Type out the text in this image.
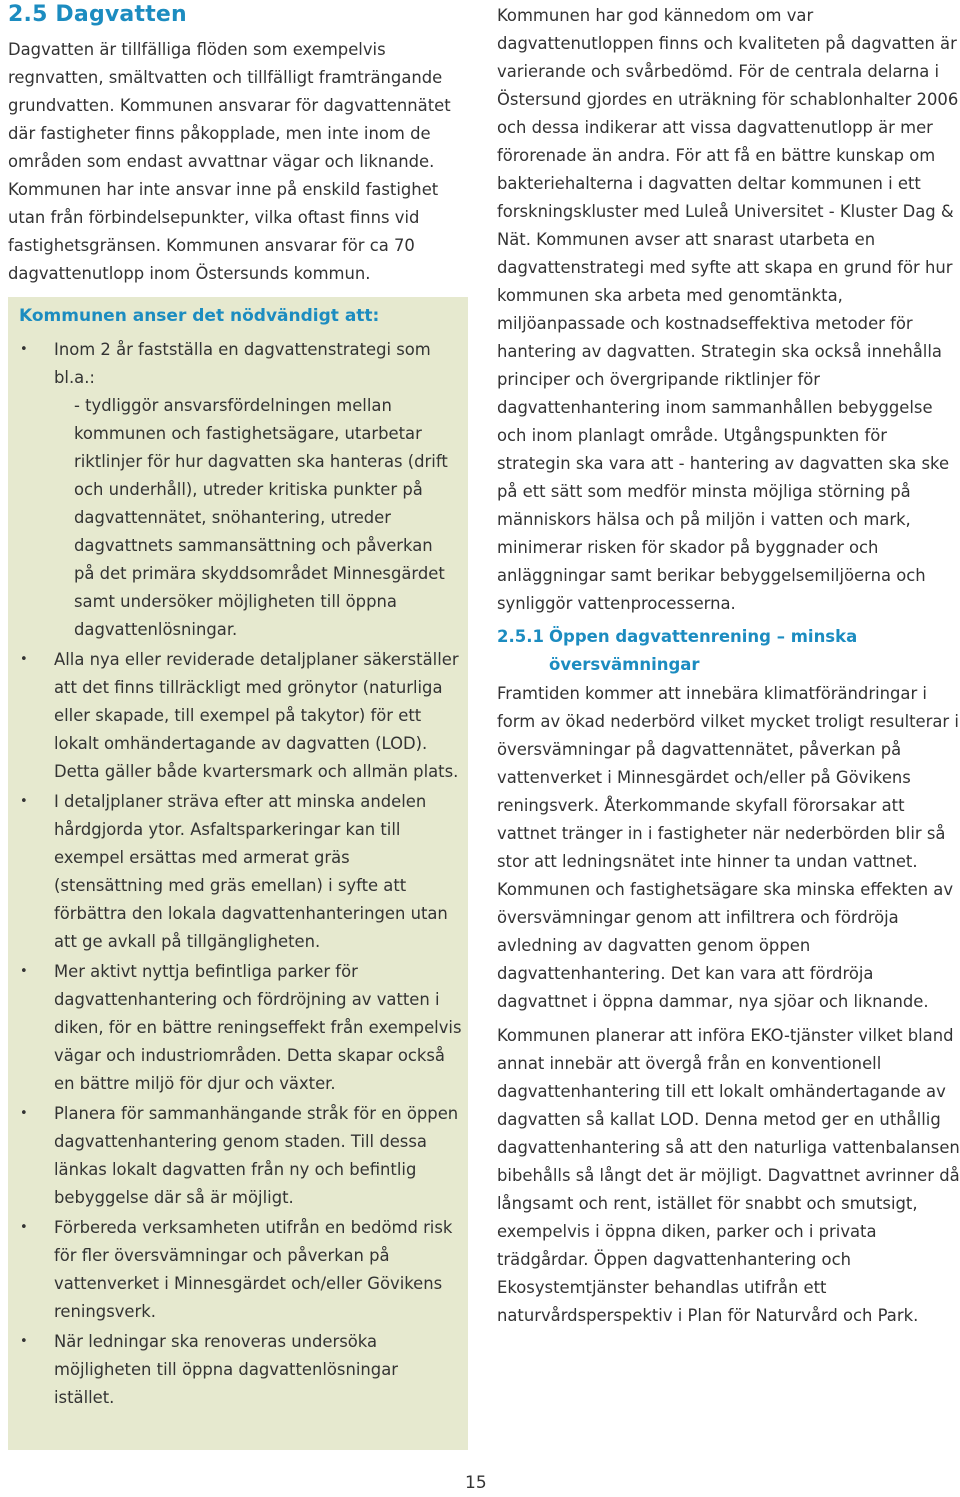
2.5 Dagvatten

Dagvatten är tillfälliga flöden som exempelvis regnvatten, smältvatten och tillfälligt framträngande grundvatten. Kommunen ansvarar för dagvattennätet där fastigheter finns påkopplade, men inte inom de områden som endast avvattnar vägar och liknande. Kommunen har inte ansvar inne på enskild fastighet utan från förbindelsepunkter, vilka oftast finns vid fastighetsgränsen. Kommunen ansvarar för ca 70 dagvattenutlopp inom Östersunds kommun.

Kommunen anser det nödvändigt att:

• Inom 2 år fastställa en dagvattenstrategi som bl.a.:

- tydliggör ansvarsfördelningen mellan kommunen och fastighetsägare, utarbetar riktlinjer för hur dagvatten ska hanteras (drift och underhåll), utreder kritiska punkter på dagvattennätet, snöhantering, utreder dagvattnets sammansättning och påverkan på det primära skyddsområdet Minnesgärdet samt undersöker möjligheten till öppna dagvattenlösningar.
• Alla nya eller reviderade detaljplaner säkerställer att det finns tillräckligt med grönytor (naturliga eller skapade, till exempel på takytor) för ett lokalt omhändertagande av dagvatten (LOD). Detta gäller både kvartersmark och allmän plats.

• I detaljplaner sträva efter att minska andelen hårdgjorda ytor. Asfaltsparkeringar kan till exempel ersättas med armerat gräs (stensättning med gräs emellan) i syfte att förbättra den lokala dagvattenhanteringen utan att ge avkall på tillgängligheten.

• Mer aktivt nyttja befintliga parker för dagvattenhantering och fördröjning av vatten i diken, för en bättre reningseffekt från exempelvis vägar och industriområden. Detta skapar också en bättre miljö för djur och växter.

• Planera för sammanhängande stråk för en öppen dagvattenhantering genom staden. Till dessa länkas lokalt dagvatten från ny och befintlig bebyggelse där så är möjligt.

• Förbereda verksamheten utifrån en bedömd risk för fler översvämningar och påverkan på vattenverket i Minnesgärdet och/eller Gövikens reningsverk.

• När ledningar ska renoveras undersöka möjligheten till öppna dagvattenlösningar istället.

Kommunen har god kännedom om var dagvattenutloppen finns och kvaliteten på dagvatten är varierande och svårbedömd. För de centrala delarna i Östersund gjordes en uträkning för schablonhalter 2006 och dessa indikerar att vissa dagvattenutlopp är mer förorenade än andra. För att få en bättre kunskap om bakteriehalterna i dagvatten deltar kommunen i ett forskningskluster med Luleå Universitet - Kluster Dag & Nät. Kommunen avser att snarast utarbeta en dagvattenstrategi med syfte att skapa en grund för hur kommunen ska arbeta med genomtänkta, miljöanpassade och kostnadseffektiva metoder för hantering av dagvatten. Strategin ska också innehålla principer och övergripande riktlinjer för dagvattenhantering inom sammanhållen bebyggelse och inom planlagt område. Utgångspunkten för strategin ska vara att - hantering av dagvatten ska ske på ett sätt som medför minsta möjliga störning på människors hälsa och på miljön i vatten och mark, minimerar risken för skador på byggnader och anläggningar samt berikar bebyggelsemiljöerna och synliggör vattenprocesserna.

2.5.1 Öppen dagvattenrening – minska
översvämningar

Framtiden kommer att innebära klimatförändringar i form av ökad nederbörd vilket mycket troligt resulterar i översvämningar på dagvattennätet, påverkan på vattenverket i Minnesgärdet och/eller på Gövikens reningsverk. Återkommande skyfall förorsakar att vattnet tränger in i fastigheter när nederbörden blir så stor att ledningsnätet inte hinner ta undan vattnet. Kommunen och fastighetsägare ska minska effekten av översvämningar genom att infiltrera och fördröja avledning av dagvatten genom öppen dagvattenhantering. Det kan vara att fördröja dagvattnet i öppna dammar, nya sjöar och liknande.

Kommunen planerar att införa EKO-tjänster vilket bland annat innebär att övergå från en konventionell dagvattenhantering till ett lokalt omhändertagande av dagvatten så kallat LOD. Denna metod ger en uthållig dagvattenhantering så att den naturliga vattenbalansen bibehålls så långt det är möjligt. Dagvattnet avrinner då långsamt och rent, istället för snabbt och smutsigt, exempelvis i öppna diken, parker och i privata trädgårdar. Öppen dagvattenhantering och Ekosystemtjänster behandlas utifrån ett naturvårdsperspektiv i Plan för Naturvård och Park.

15
